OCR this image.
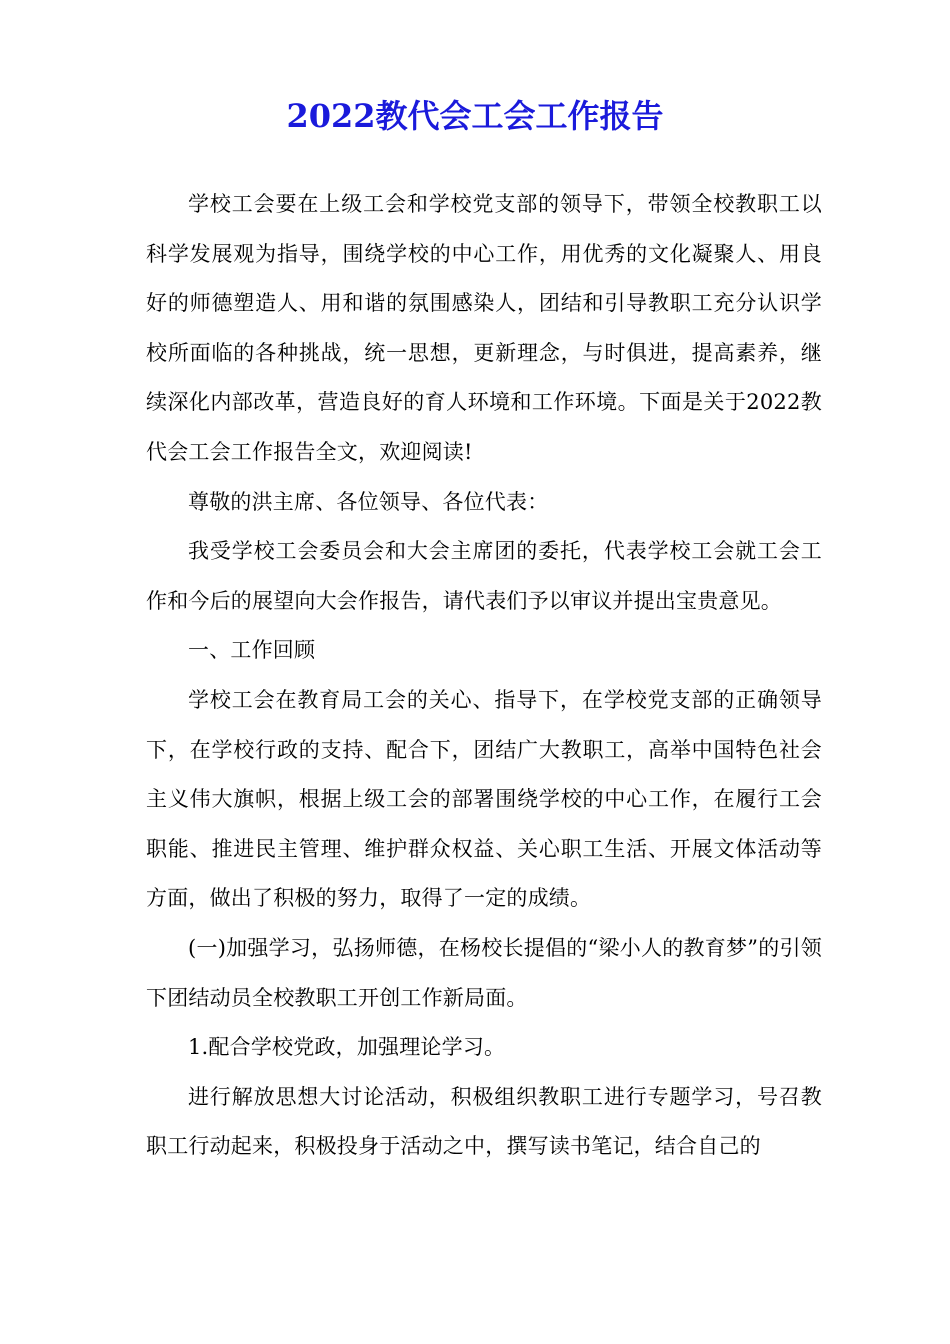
2022教代会工会工作报告

学校工会要在上级工会和学校党支部的领导下，带领全校教职工以科学发展观为指导，围绕学校的中心工作，用优秀的文化凝聚人、用良好的师德塑造人、用和谐的氛围感染人，团结和引导教职工充分认识学校所面临的各种挑战，统一思想，更新理念，与时俱进，提高素养，继续深化内部改革，营造良好的育人环境和工作环境。下面是关于2022教代会工会工作报告全文，欢迎阅读!

尊敬的洪主席、各位领导、各位代表：

我受学校工会委员会和大会主席团的委托，代表学校工会就工会工作和今后的展望向大会作报告，请代表们予以审议并提出宝贵意见。

一、工作回顾

学校工会在教育局工会的关心、指导下，在学校党支部的正确领导下，在学校行政的支持、配合下，团结广大教职工，高举中国特色社会主义伟大旗帜，根据上级工会的部署围绕学校的中心工作，在履行工会职能、推进民主管理、维护群众权益、关心职工生活、开展文体活动等方面，做出了积极的努力，取得了一定的成绩。

(一)加强学习，弘扬师德，在杨校长提倡的“梁小人的教育梦”的引领下团结动员全校教职工开创工作新局面。

1.配合学校党政，加强理论学习。

进行解放思想大讨论活动，积极组织教职工进行专题学习，号召教职工行动起来，积极投身于活动之中，撰写读书笔记，结合自己的
